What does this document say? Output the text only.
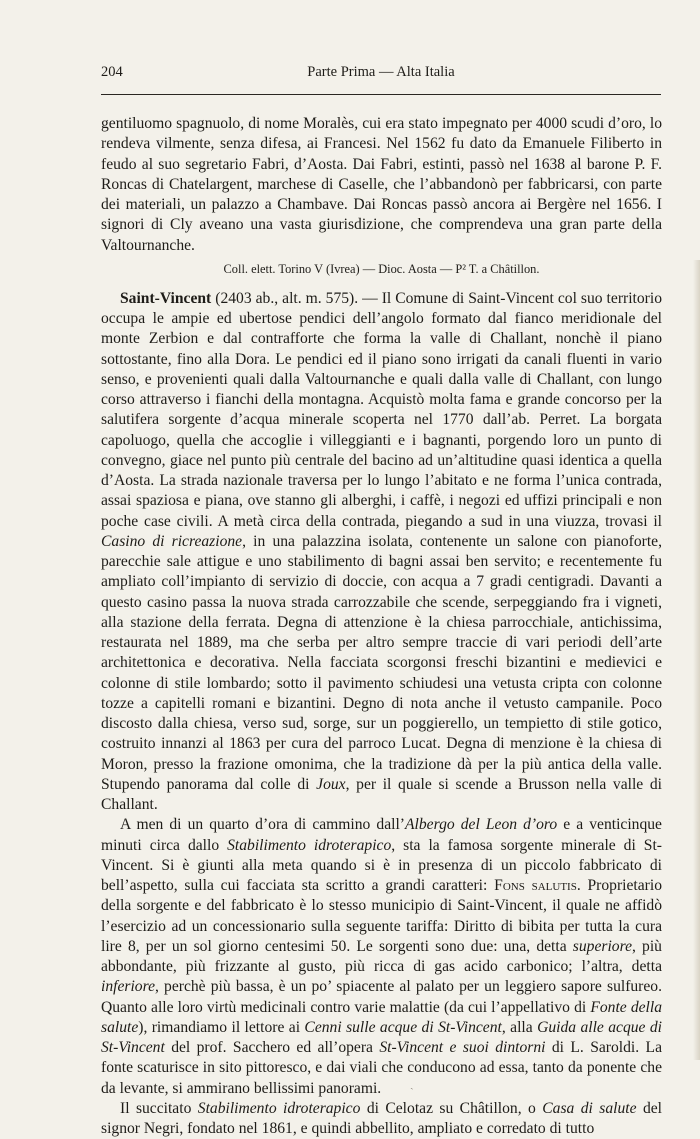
204	Parte Prima — Alta Italia

gentiluomo spagnuolo, di nome Moralès, cui era stato impegnato per 4000 scudi d’oro, lo rendeva vilmente, senza difesa, ai Francesi. Nel 1562 fu dato da Emanuele Filiberto in feudo al suo segretario Fabri, d’Aosta. Dai Fabri, estinti, passò nel 1638 al barone P. F. Roncas di Chatelargent, marchese di Caselle, che l’abbandonò per fabbricarsi, con parte dei materiali, un palazzo a Chambave. Dai Roncas passò ancora ai Bergère nel 1656. I signori di Cly aveano una vasta giurisdizione, che comprendeva una gran parte della Valtournanche.

Coll. elett. Torino V (Ivrea) — Dioc. Aosta — P² T. a Châtillon.

Saint-Vincent (2403 ab., alt. m. 575). — Il Comune di Saint-Vincent col suo territorio occupa le ampie ed ubertose pendici dell’angolo formato dal fianco meridionale del monte Zerbion e dal contrafforte che forma la valle di Challant, nonchè il piano sottostante, fino alla Dora. Le pendici ed il piano sono irrigati da canali fluenti in vario senso, e provenienti quali dalla Valtournanche e quali dalla valle di Challant, con lungo corso attraverso i fianchi della montagna. Acquistò molta fama e grande concorso per la salutifera sorgente d’acqua minerale scoperta nel 1770 dall’ab. Perret. La borgata capoluogo, quella che accoglie i villeggianti e i bagnanti, porgendo loro un punto di convegno, giace nel punto più centrale del bacino ad un’altitudine quasi identica a quella d’Aosta. La strada nazionale traversa per lo lungo l’abitato e ne forma l’unica contrada, assai spaziosa e piana, ove stanno gli alberghi, i caffè, i negozi ed uffizi principali e non poche case civili. A metà circa della contrada, piegando a sud in una viuzza, trovasi il Casino di ricreazione, in una palazzina isolata, contenente un salone con pianoforte, parecchie sale attigue e uno stabilimento di bagni assai ben servito; e recentemente fu ampliato coll’impianto di servizio di doccie, con acqua a 7 gradi centigradi. Davanti a questo casino passa la nuova strada carrozzabile che scende, serpeggiando fra i vigneti, alla stazione della ferrata. Degna di attenzione è la chiesa parrocchiale, antichissima, restaurata nel 1889, ma che serba per altro sempre traccie di vari periodi dell’arte architettonica e decorativa. Nella facciata scorgonsi freschi bizantini e medievici e colonne di stile lombardo; sotto il pavimento schiudesi una vetusta cripta con colonne tozze a capitelli romani e bizantini. Degno di nota anche il vetusto campanile. Poco discosto dalla chiesa, verso sud, sorge, sur un poggierello, un tempietto di stile gotico, costruito innanzi al 1863 per cura del parroco Lucat. Degna di menzione è la chiesa di Moron, presso la frazione omonima, che la tradizione dà per la più antica della valle. Stupendo panorama dal colle di Joux, per il quale si scende a Brusson nella valle di Challant.

A men di un quarto d’ora di cammino dall’Albergo del Leon d’oro e a venticinque minuti circa dallo Stabilimento idroterapico, sta la famosa sorgente minerale di St-Vincent. Si è giunti alla meta quando si è in presenza di un piccolo fabbricato di bell’aspetto, sulla cui facciata sta scritto a grandi caratteri: Fons salutis. Proprietario della sorgente e del fabbricato è lo stesso municipio di Saint-Vincent, il quale ne affidò l’esercizio ad un concessionario sulla seguente tariffa: Diritto di bibita per tutta la cura lire 8, per un sol giorno centesimi 50. Le sorgenti sono due: una, detta superiore, più abbondante, più frizzante al gusto, più ricca di gas acido carbonico; l’altra, detta inferiore, perchè più bassa, è un po’ spiacente al palato per un leggiero sapore sulfureo. Quanto alle loro virtù medicinali contro varie malattie (da cui l’appellativo di Fonte della salute), rimandiamo il lettore ai Cenni sulle acque di St-Vincent, alla Guida alle acque di St-Vincent del prof. Sacchero ed all’opera St-Vincent e suoi dintorni di L. Saroldi. La fonte scaturisce in sito pittoresco, e dai viali che conducono ad essa, tanto da ponente che da levante, si ammirano bellissimi panorami.

Il succitato Stabilimento idroterapico di Celotaz su Châtillon, o Casa di salute del signor Negri, fondato nel 1861, e quindi abbellito, ampliato e corredato di tutto

ˎ
